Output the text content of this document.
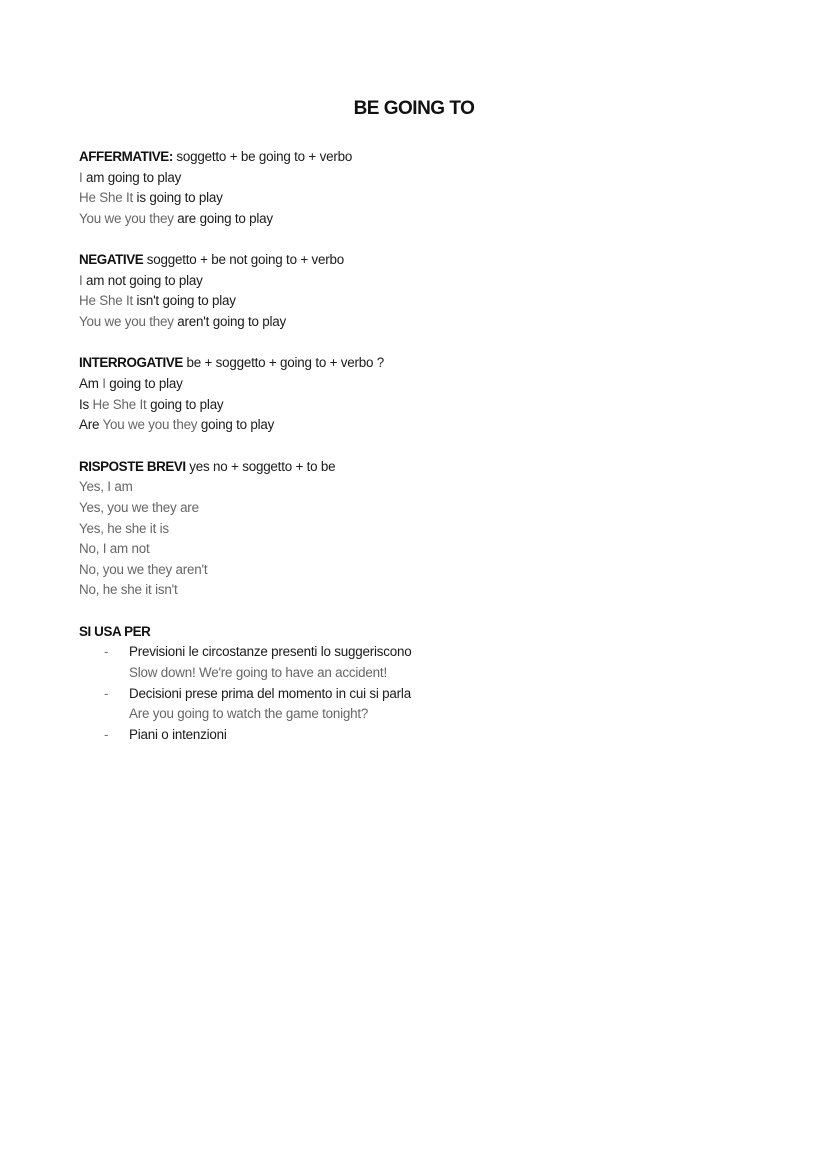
BE GOING TO
AFFERMATIVE: soggetto + be going to + verbo
I am going to play
He She It is going to play
You we you they are going to play
NEGATIVE soggetto + be not going to + verbo
I am not going to play
He She It isn't going to play
You we you they aren't going to play
INTERROGATIVE be + soggetto + going to + verbo ?
Am I going to play
Is He She It going to play
Are You we you they going to play
RISPOSTE BREVI yes no + soggetto + to be
Yes, I am
Yes, you we they are
Yes, he she it is
No, I am not
No, you we they aren't
No, he she it isn't
SI USA PER
- Previsioni le circostanze presenti lo suggeriscono
Slow down! We're going to have an accident!
- Decisioni prese prima del momento in cui si parla
Are you going to watch the game tonight?
- Piani o intenzioni
